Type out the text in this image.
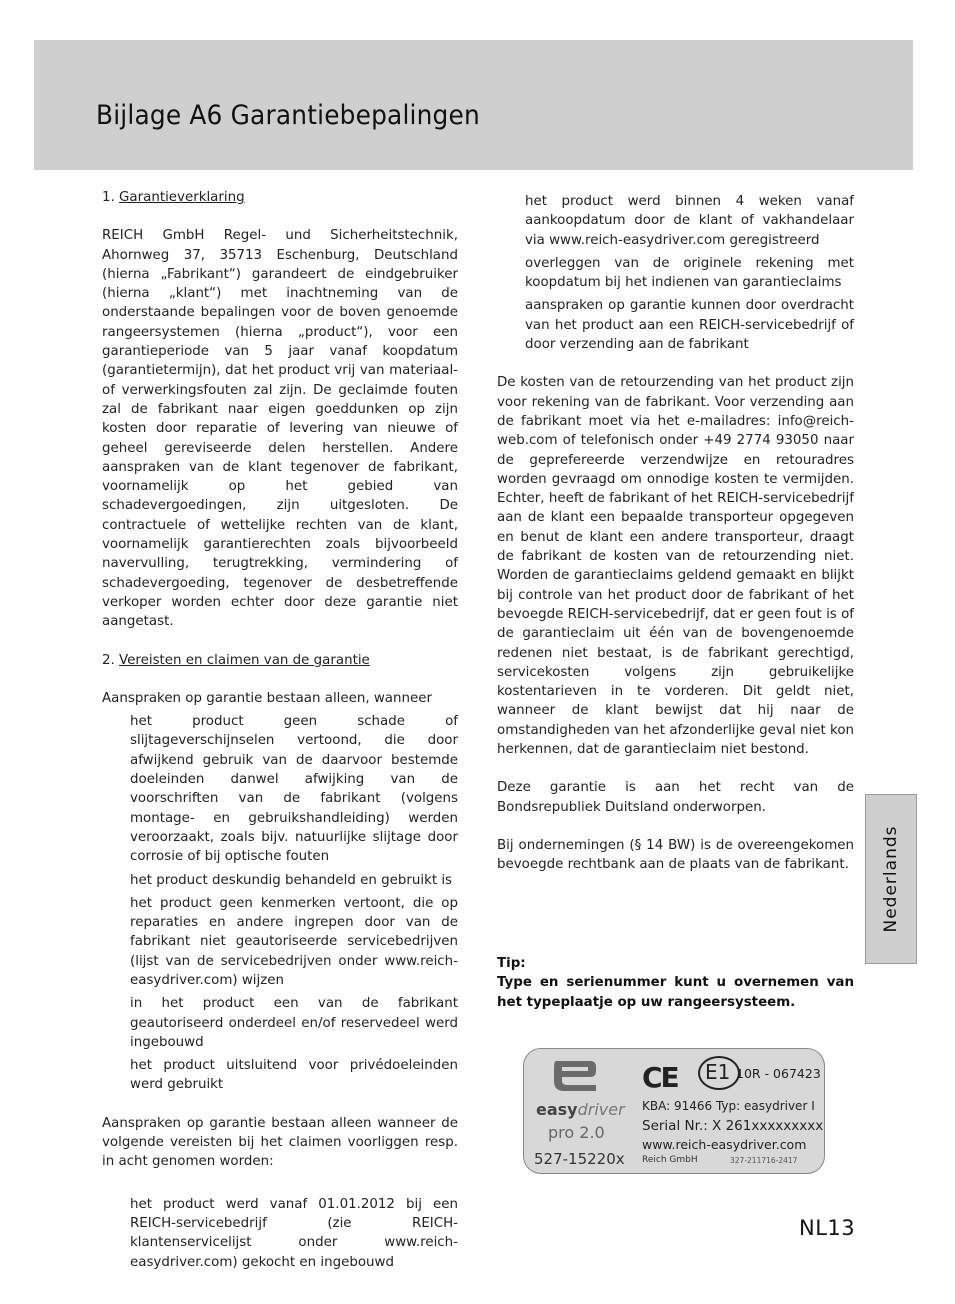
Bijlage A6 Garantiebepalingen

1. Garantieverklaring

REICH GmbH Regel- und Sicherheitstechnik, Ahornweg 37, 35713 Eschenburg, Deutschland (hierna „Fabrikant“) garandeert de eindgebruiker (hierna „klant“) met inachtneming van de onderstaande bepalingen voor de boven genoemde rangeersystemen (hierna „product“), voor een garantieperiode van 5 jaar vanaf koopdatum (garantietermijn), dat het product vrij van materiaal- of verwerkingsfouten zal zijn. De geclaimde fouten zal de fabrikant naar eigen goeddunken op zijn kosten door reparatie of levering van nieuwe of geheel gereviseerde delen herstellen. Andere aanspraken van de klant tegenover de fabrikant, voornamelijk op het gebied van schadevergoedingen, zijn uitgesloten. De contractuele of wettelijke rechten van de klant, voornamelijk garantierechten zoals bijvoorbeeld navervulling, terugtrekking, vermindering of schadevergoeding, tegenover de desbetreffende verkoper worden echter door deze garantie niet aangetast.

2. Vereisten en claimen van de garantie

Aanspraken op garantie bestaan alleen, wanneer

het product geen schade of slijtageverschijnselen vertoond, die door afwijkend gebruik van de daarvoor bestemde doeleinden danwel afwijking van de voorschriften van de fabrikant (volgens montage- en gebruikshandleiding) werden veroorzaakt, zoals bijv. natuurlijke slijtage door corrosie of bij optische fouten

het product deskundig behandeld en gebruikt is

het product geen kenmerken vertoont, die op reparaties en andere ingrepen door van de fabrikant niet geautoriseerde servicebedrijven (lijst van de servicebedrijven onder www.reich-easydriver.com) wijzen

in het product een van de fabrikant geautoriseerd onderdeel en/of reservedeel werd ingebouwd

het product uitsluitend voor privédoeleinden werd gebruikt

Aanspraken op garantie bestaan alleen wanneer de volgende vereisten bij het claimen voorliggen resp. in acht genomen worden:

het product werd vanaf 01.01.2012 bij een REICH-servicebedrijf (zie REICH-klantenservicelijst onder www.reich-easydriver.com) gekocht en ingebouwd

het product werd binnen 4 weken vanaf aankoopdatum door de klant of vakhandelaar via www.reich-easydriver.com geregistreerd

overleggen van de originele rekening met koopdatum bij het indienen van garantieclaims

aanspraken op garantie kunnen door overdracht van het product aan een REICH-servicebedrijf of door verzending aan de fabrikant

De kosten van de retourzending van het product zijn voor rekening van de fabrikant. Voor verzending aan de fabrikant moet via het e-mailadres: info@reich-web.com of telefonisch onder +49 2774 93050 naar de geprefereerde verzendwijze en retouradres worden gevraagd om onnodige kosten te vermijden. Echter, heeft de fabrikant of het REICH-servicebedrijf aan de klant een bepaalde transporteur opgegeven en benut de klant een andere transporteur, draagt de fabrikant de kosten van de retourzending niet. Worden de garantieclaims geldend gemaakt en blijkt bij controle van het product door de fabrikant of het bevoegde REICH-servicebedrijf, dat er geen fout is of de garantieclaim uit één van de bovengenoemde redenen niet bestaat, is de fabrikant gerechtigd, servicekosten volgens zijn gebruikelijke kostentarieven in te vorderen. Dit geldt niet, wanneer de klant bewijst dat hij naar de omstandigheden van het afzonderlijke geval niet kon herkennen, dat de garantieclaim niet bestond.

Deze garantie is aan het recht van de Bondsrepubliek Duitsland onderworpen.

Bij ondernemingen (§ 14 BW) is de overeengekomen bevoegde rechtbank aan de plaats van de fabrikant.	Nederlands
Tip:
Type en serienummer kunt u overnemen van het typeplaatje op uw rangeersysteem.
easydriver
pro 2.0
527-15220x
CE E1 10R - 067423
KBA: 91466 Typ: easydriver I
Serial Nr.: X 261xxxxxxxxx
www.reich-easydriver.com
Reich GmbH	327-211716-2417
NL13
